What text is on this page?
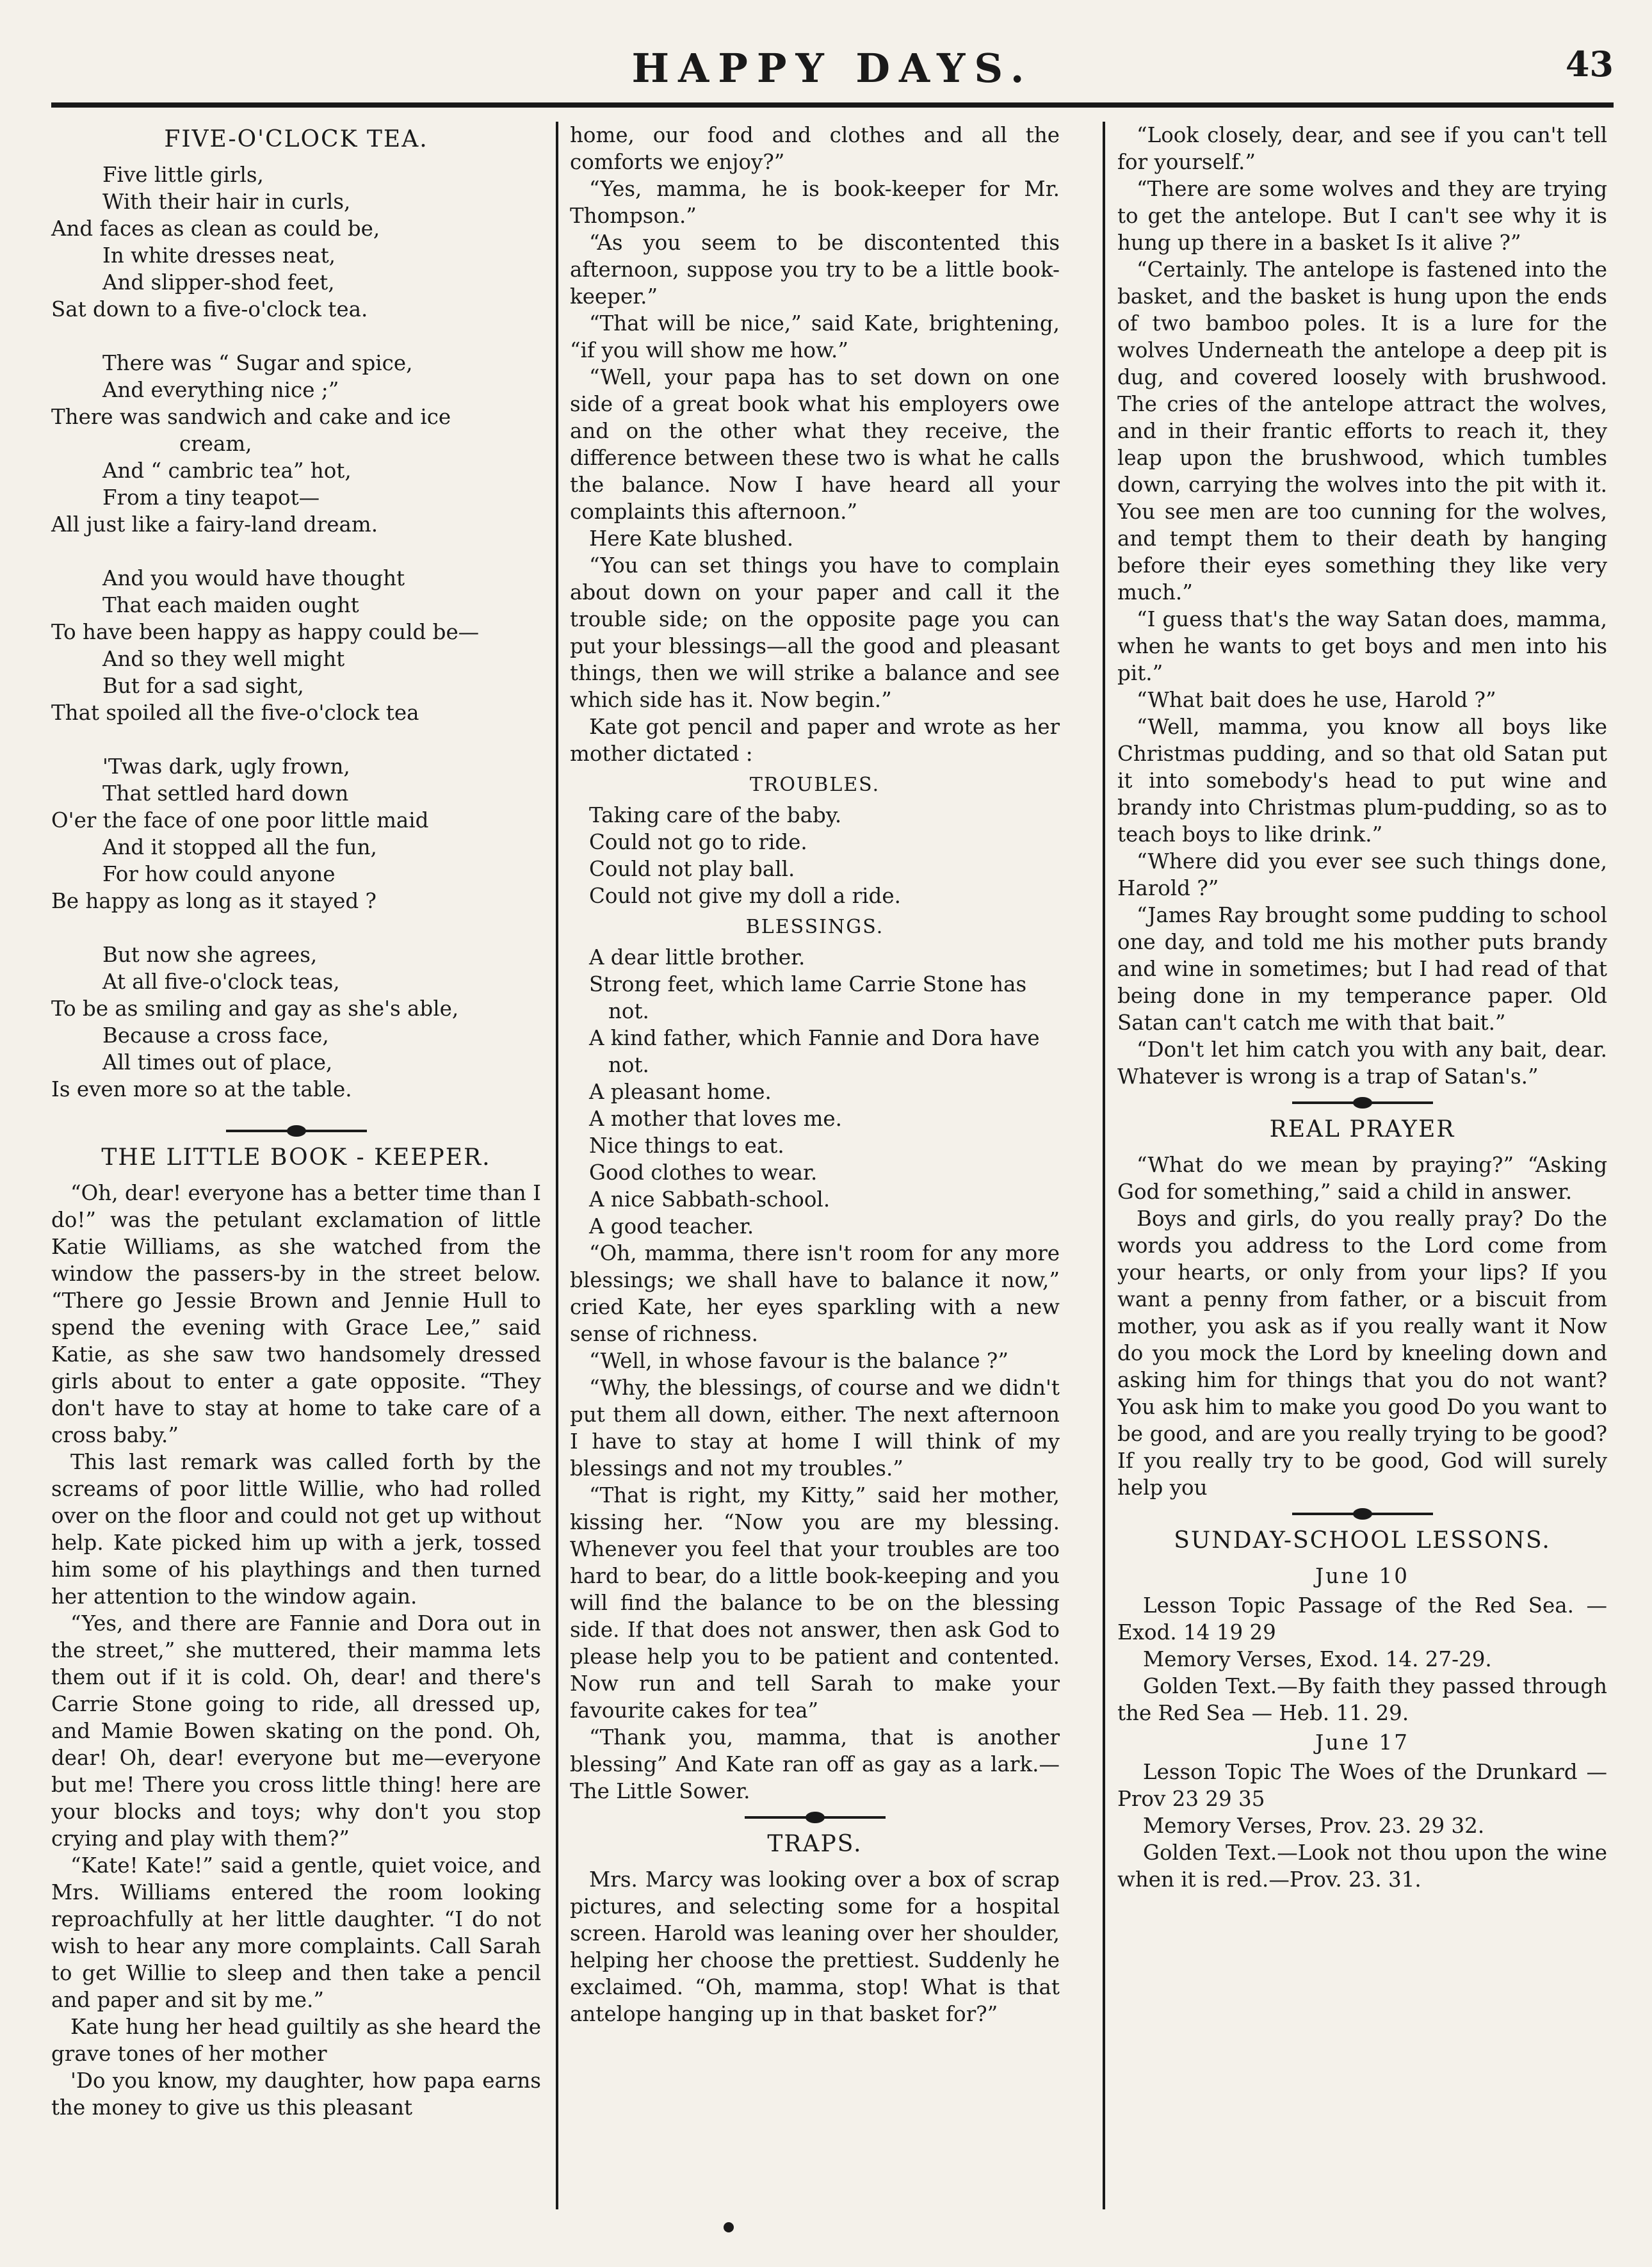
HAPPY DAYS.	43
FIVE-O'CLOCK TEA.
Five little girls,
With their hair in curls,
And faces as clean as could be,
In white dresses neat,
And slipper-shod feet,
Sat down to a five-o'clock tea.
There was “ Sugar and spice,
And everything nice ;”
There was sandwich and cake and ice
cream,
And “ cambric tea” hot,
From a tiny teapot—
All just like a fairy-land dream.
And you would have thought
That each maiden ought
To have been happy as happy could be—
And so they well might
But for a sad sight,
That spoiled all the five-o'clock tea
'Twas dark, ugly frown,
That settled hard down
O'er the face of one poor little maid
And it stopped all the fun,
For how could anyone
Be happy as long as it stayed ?
But now she agrees,
At all five-o'clock teas,
To be as smiling and gay as she's able,
Because a cross face,
All times out of place,
Is even more so at the table.
THE LITTLE BOOK - KEEPER.

“Oh, dear! everyone has a better time than I do!” was the petulant exclamation of little Katie Williams, as she watched from the window the passers-by in the street below. “There go Jessie Brown and Jennie Hull to spend the evening with Grace Lee,” said Katie, as she saw two handsomely dressed girls about to enter a gate opposite. “They don't have to stay at home to take care of a cross baby.”

This last remark was called forth by the screams of poor little Willie, who had rolled over on the floor and could not get up without help. Kate picked him up with a jerk, tossed him some of his playthings and then turned her attention to the window again.

“Yes, and there are Fannie and Dora out in the street,” she muttered, their mamma lets them out if it is cold. Oh, dear! and there's Carrie Stone going to ride, all dressed up, and Mamie Bowen skating on the pond. Oh, dear! Oh, dear! everyone but me—everyone but me! There you cross little thing! here are your blocks and toys; why don't you stop crying and play with them?”

“Kate! Kate!” said a gentle, quiet voice, and Mrs. Williams entered the room looking reproachfully at her little daughter. “I do not wish to hear any more complaints. Call Sarah to get Willie to sleep and then take a pencil and paper and sit by me.”

Kate hung her head guiltily as she heard the grave tones of her mother

'Do you know, my daughter, how papa earns the money to give us this pleasant

home, our food and clothes and all the comforts we enjoy?”

“Yes, mamma, he is book-keeper for Mr. Thompson.”

“As you seem to be discontented this afternoon, suppose you try to be a little book-keeper.”

“That will be nice,” said Kate, brightening, “if you will show me how.”

“Well, your papa has to set down on one side of a great book what his employers owe and on the other what they receive, the difference between these two is what he calls the balance. Now I have heard all your complaints this afternoon.”

Here Kate blushed.

“You can set things you have to complain about down on your paper and call it the trouble side; on the opposite page you can put your blessings—all the good and pleasant things, then we will strike a balance and see which side has it. Now begin.”

Kate got pencil and paper and wrote as her mother dictated :

TROUBLES.
Taking care of the baby.
Could not go to ride.
Could not play ball.
Could not give my doll a ride.
BLESSINGS.
A dear little brother.
Strong feet, which lame Carrie Stone has not.
A kind father, which Fannie and Dora have not.
A pleasant home.
A mother that loves me.
Nice things to eat.
Good clothes to wear.
A nice Sabbath-school.
A good teacher.

“Oh, mamma, there isn't room for any more blessings; we shall have to balance it now,” cried Kate, her eyes sparkling with a new sense of richness.

“Well, in whose favour is the balance ?”

“Why, the blessings, of course and we didn't put them all down, either. The next afternoon I have to stay at home I will think of my blessings and not my troubles.”

“That is right, my Kitty,” said her mother, kissing her. “Now you are my blessing. Whenever you feel that your troubles are too hard to bear, do a little book-keeping and you will find the balance to be on the blessing side. If that does not answer, then ask God to please help you to be patient and contented. Now run and tell Sarah to make your favourite cakes for tea”

“Thank you, mamma, that is another blessing” And Kate ran off as gay as a lark.—The Little Sower.

TRAPS.

Mrs. Marcy was looking over a box of scrap pictures, and selecting some for a hospital screen. Harold was leaning over her shoulder, helping her choose the prettiest. Suddenly he exclaimed. “Oh, mamma, stop! What is that antelope hanging up in that basket for?”

“Look closely, dear, and see if you can't tell for yourself.”

“There are some wolves and they are trying to get the antelope. But I can't see why it is hung up there in a basket Is it alive ?”

“Certainly. The antelope is fastened into the basket, and the basket is hung upon the ends of two bamboo poles. It is a lure for the wolves Underneath the antelope a deep pit is dug, and covered loosely with brushwood. The cries of the antelope attract the wolves, and in their frantic efforts to reach it, they leap upon the brushwood, which tumbles down, carrying the wolves into the pit with it. You see men are too cunning for the wolves, and tempt them to their death by hanging before their eyes something they like very much.”

“I guess that's the way Satan does, mamma, when he wants to get boys and men into his pit.”

“What bait does he use, Harold ?”

“Well, mamma, you know all boys like Christmas pudding, and so that old Satan put it into somebody's head to put wine and brandy into Christmas plum-pudding, so as to teach boys to like drink.”

“Where did you ever see such things done, Harold ?”

“James Ray brought some pudding to school one day, and told me his mother puts brandy and wine in sometimes; but I had read of that being done in my temperance paper. Old Satan can't catch me with that bait.”

“Don't let him catch you with any bait, dear. Whatever is wrong is a trap of Satan's.”

REAL PRAYER

“What do we mean by praying?” “Asking God for something,” said a child in answer.

Boys and girls, do you really pray? Do the words you address to the Lord come from your hearts, or only from your lips? If you want a penny from father, or a biscuit from mother, you ask as if you really want it Now do you mock the Lord by kneeling down and asking him for things that you do not want? You ask him to make you good Do you want to be good, and are you really trying to be good? If you really try to be good, God will surely help you

SUNDAY-SCHOOL LESSONS.
June 10

Lesson Topic Passage of the Red Sea. —Exod. 14 19 29

Memory Verses, Exod. 14. 27-29.

Golden Text.—By faith they passed through the Red Sea — Heb. 11. 29.

June 17

Lesson Topic The Woes of the Drunkard — Prov 23 29 35

Memory Verses, Prov. 23. 29 32.

Golden Text.—Look not thou upon the wine when it is red.—Prov. 23. 31.
